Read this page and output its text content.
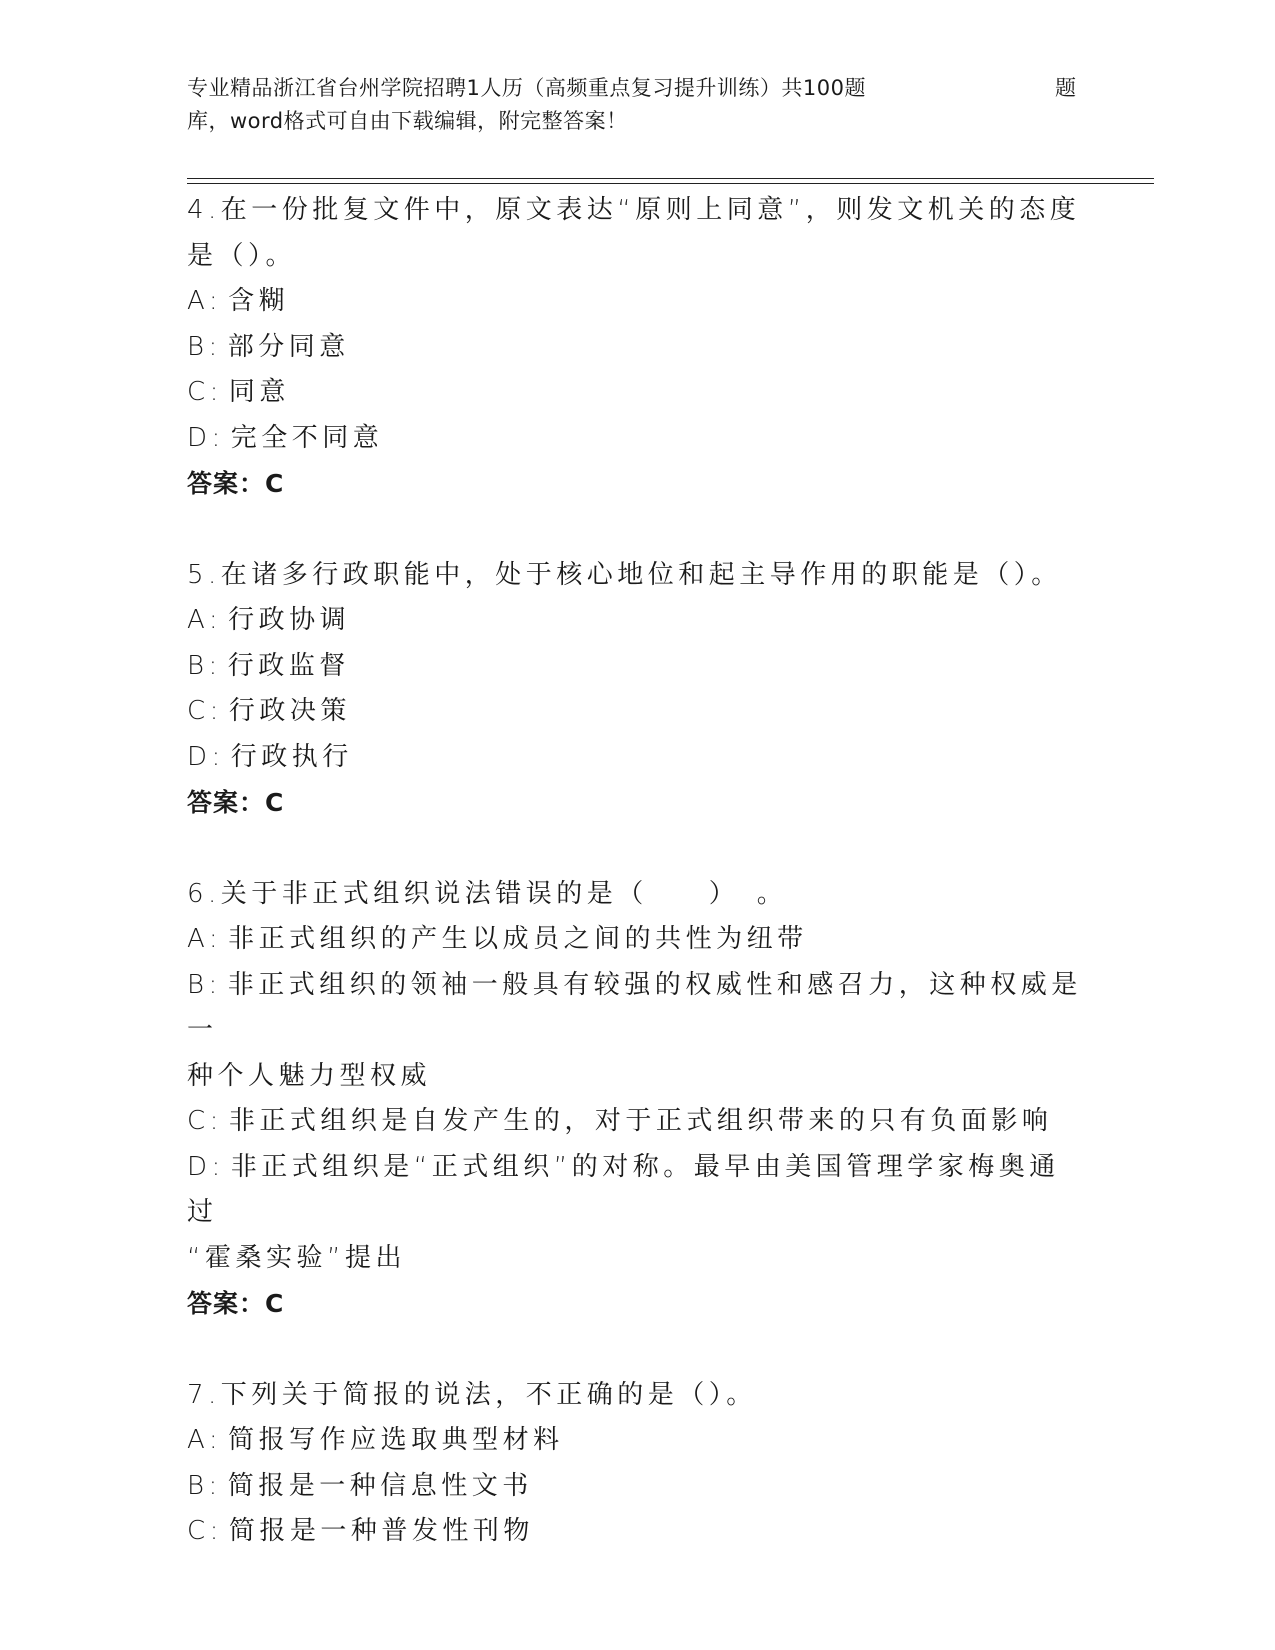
专业精品浙江省台州学院招聘1人历（高频重点复习提升训练）共100题	题
库，word格式可自由下载编辑，附完整答案！
4.在一份批复文件中，原文表达“原则上同意”，则发文机关的态度
是（）。
A: 含糊
B: 部分同意
C: 同意
D: 完全不同意
答案：C
5.在诸多行政职能中，处于核心地位和起主导作用的职能是（）。
A: 行政协调
B: 行政监督
C: 行政决策
D: 行政执行
答案：C
6.关于非正式组织说法错误的是（　　）　。
A: 非正式组织的产生以成员之间的共性为纽带
B: 非正式组织的领袖一般具有较强的权威性和感召力，这种权威是一
种个人魅力型权威
C: 非正式组织是自发产生的，对于正式组织带来的只有负面影响
D: 非正式组织是“正式组织”的对称。最早由美国管理学家梅奥通过
“霍桑实验”提出
答案：C
7.下列关于简报的说法，不正确的是（）。
A: 简报写作应选取典型材料
B: 简报是一种信息性文书
C: 简报是一种普发性刊物
